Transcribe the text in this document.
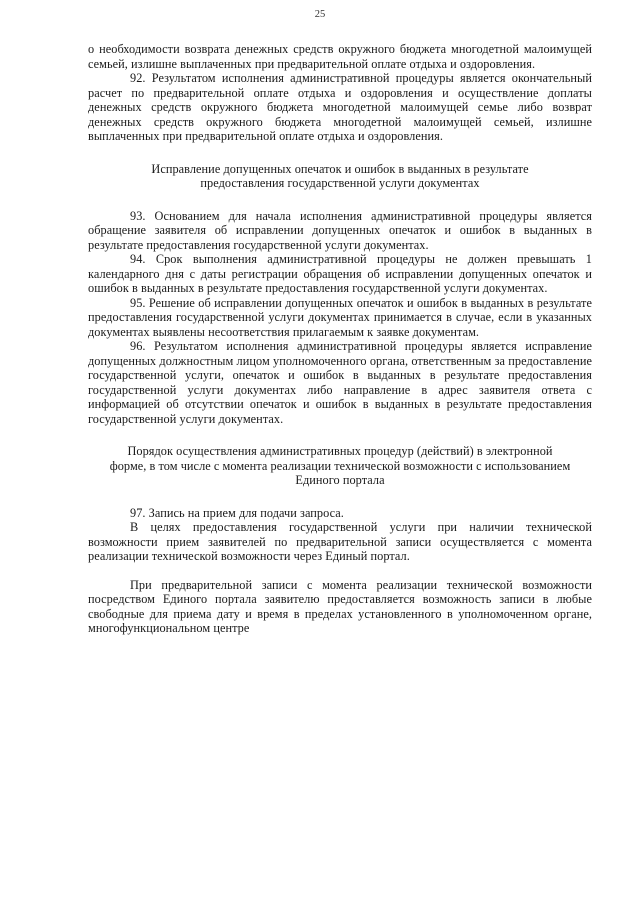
25

о необходимости возврата денежных средств окружного бюджета многодетной малоимущей семьей, излишне выплаченных при предварительной оплате отдыха и оздоровления.

92. Результатом исполнения административной процедуры является окончательный расчет по предварительной оплате отдыха и оздоровления и осуществление доплаты денежных средств окружного бюджета многодетной малоимущей семье либо возврат денежных средств окружного бюджета многодетной малоимущей семьей, излишне выплаченных при предварительной оплате отдыха и оздоровления.

Исправление допущенных опечаток и ошибок в выданных в результате предоставления государственной услуги документах

93. Основанием для начала исполнения административной процедуры является обращение заявителя об исправлении допущенных опечаток и ошибок в выданных в результате предоставления государственной услуги документах.

94. Срок выполнения административной процедуры не должен превышать 1 календарного дня с даты регистрации обращения об исправлении допущенных опечаток и ошибок в выданных в результате предоставления государственной услуги документах.

95. Решение об исправлении допущенных опечаток и ошибок в выданных в результате предоставления государственной услуги документах принимается в случае, если в указанных документах выявлены несоответствия прилагаемым к заявке документам.

96. Результатом исполнения административной процедуры является исправление допущенных должностным лицом уполномоченного органа, ответственным за предоставление государственной услуги, опечаток и ошибок в выданных в результате предоставления государственной услуги документах либо направление в адрес заявителя ответа с информацией об отсутствии опечаток и ошибок в выданных в результате предоставления государственной услуги документах.

Порядок осуществления административных процедур (действий) в электронной форме, в том числе с момента реализации технической возможности с использованием Единого портала

97. Запись на прием для подачи запроса.

В целях предоставления государственной услуги при наличии технической возможности прием заявителей по предварительной записи осуществляется с момента реализации технической возможности через Единый портал.

При предварительной записи с момента реализации технической возможности посредством Единого портала заявителю предоставляется возможность записи в любые свободные для приема дату и время в пределах установленного в уполномоченном органе, многофункциональном центре
